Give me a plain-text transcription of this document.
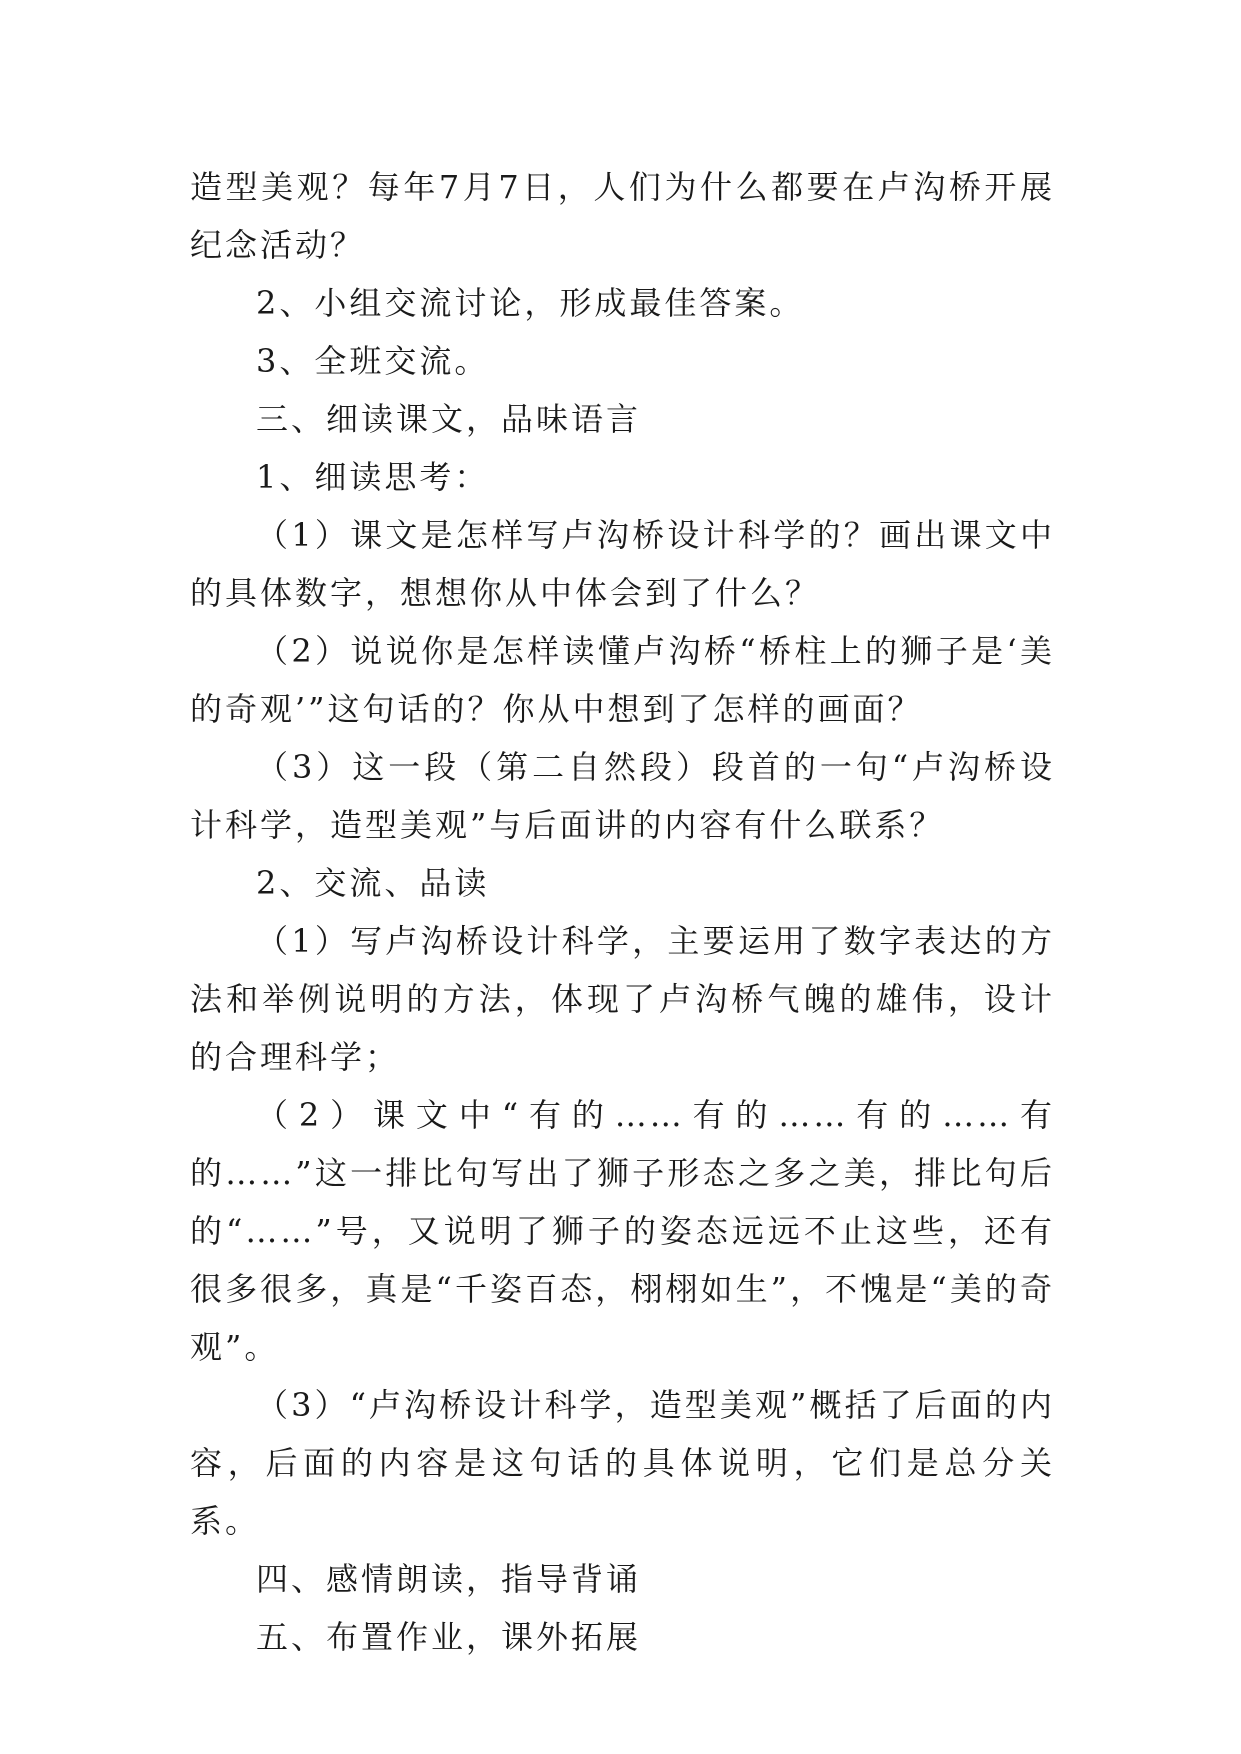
造型美观？每年7月7日，人们为什么都要在卢沟桥开展纪念活动？

2、小组交流讨论，形成最佳答案。

3、全班交流。

三、细读课文，品味语言

1、细读思考：

（1）课文是怎样写卢沟桥设计科学的？画出课文中的具体数字，想想你从中体会到了什么？

（2）说说你是怎样读懂卢沟桥“桥柱上的狮子是‘美的奇观’”这句话的？你从中想到了怎样的画面？

（3）这一段（第二自然段）段首的一句“卢沟桥设计科学，造型美观”与后面讲的内容有什么联系？

2、交流、品读

（1）写卢沟桥设计科学，主要运用了数字表达的方法和举例说明的方法，体现了卢沟桥气魄的雄伟，设计的合理科学；

（2）课文中“有的……有的……有的……有的……”这一排比句写出了狮子形态之多之美，排比句后的“……”号，又说明了狮子的姿态远远不止这些，还有很多很多，真是“千姿百态，栩栩如生”，不愧是“美的奇观”。

（3）“卢沟桥设计科学，造型美观”概括了后面的内容，后面的内容是这句话的具体说明，它们是总分关系。

四、感情朗读，指导背诵

五、布置作业，课外拓展
